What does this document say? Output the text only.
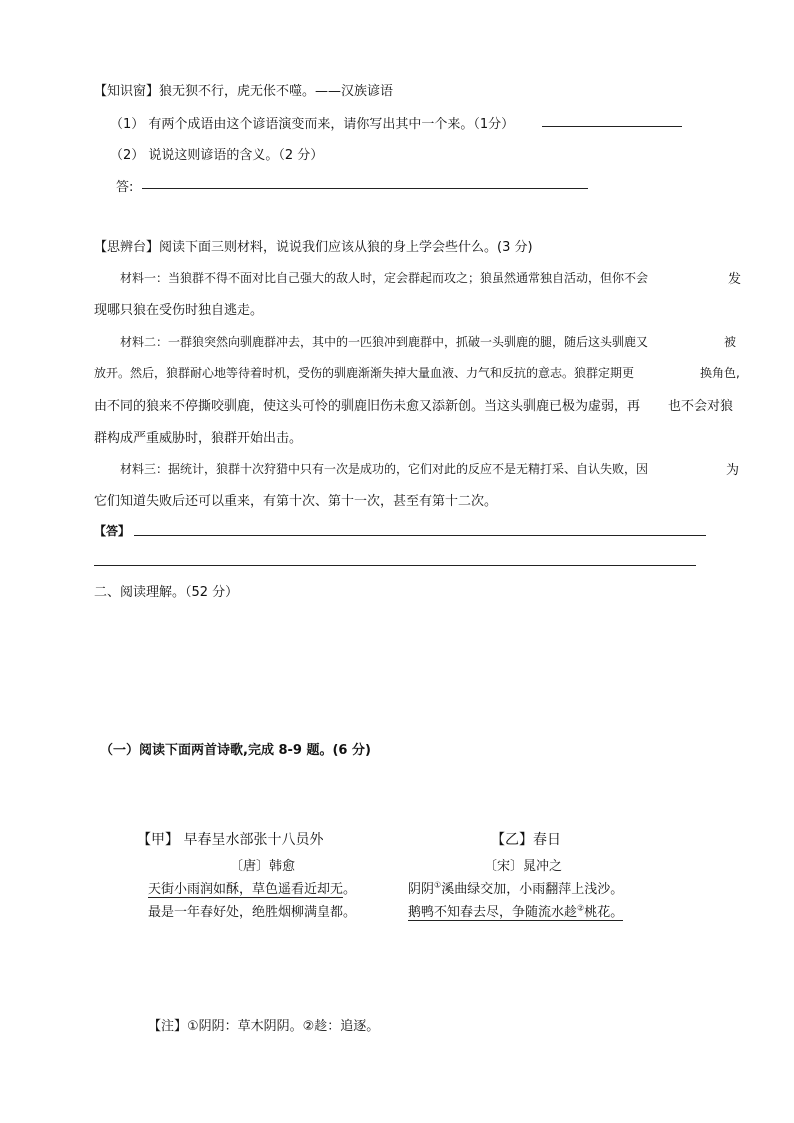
【知识窗】狼无狈不行，虎无伥不噬。——汉族谚语
（1） 有两个成语由这个谚语演变而来，请你写出其中一个来。（1分）
（2） 说说这则谚语的含义。（2 分）
答:
【思辨台】阅读下面三则材料，说说我们应该从狼的身上学会些什么。(3 分)
材料一：当狼群不得不面对比自己强大的敌人时，定会群起而攻之；狼虽然通常独自活动，但你不会	发
现哪只狼在受伤时独自逃走。
材料二：一群狼突然向驯鹿群冲去，其中的一匹狼冲到鹿群中，抓破一头驯鹿的腿，随后这头驯鹿又	被
放开。然后，狼群耐心地等待着时机，受伤的驯鹿渐渐失掉大量血液、力气和反抗的意志。狼群定期更	换角色,
由不同的狼来不停撕咬驯鹿，使这头可怜的驯鹿旧伤未愈又添新创。当这头驯鹿已极为虚弱，再 也不会对狼
群构成严重威胁时，狼群开始出击。
材料三：据统计，狼群十次狩猎中只有一次是成功的，它们对此的反应不是无精打采、自认失败，因	为
它们知道失败后还可以重来，有第十次、第十一次，甚至有第十二次。
【答】
二、阅读理解。（52 分）
（一）阅读下面两首诗歌,完成 8-9 题。(6 分)
【甲】 早春呈水部张十八员外
〔唐〕韩愈
天街小雨润如酥，草色遥看近却无。
最是一年春好处，绝胜烟柳满皇都。
【乙】春日
〔宋〕晁冲之
阴阴①溪曲绿交加，小雨翻萍上浅沙。
鹅鸭不知春去尽，争随流水趁②桃花。
【注】①阴阴：草木阴阴。②趁：追逐。
